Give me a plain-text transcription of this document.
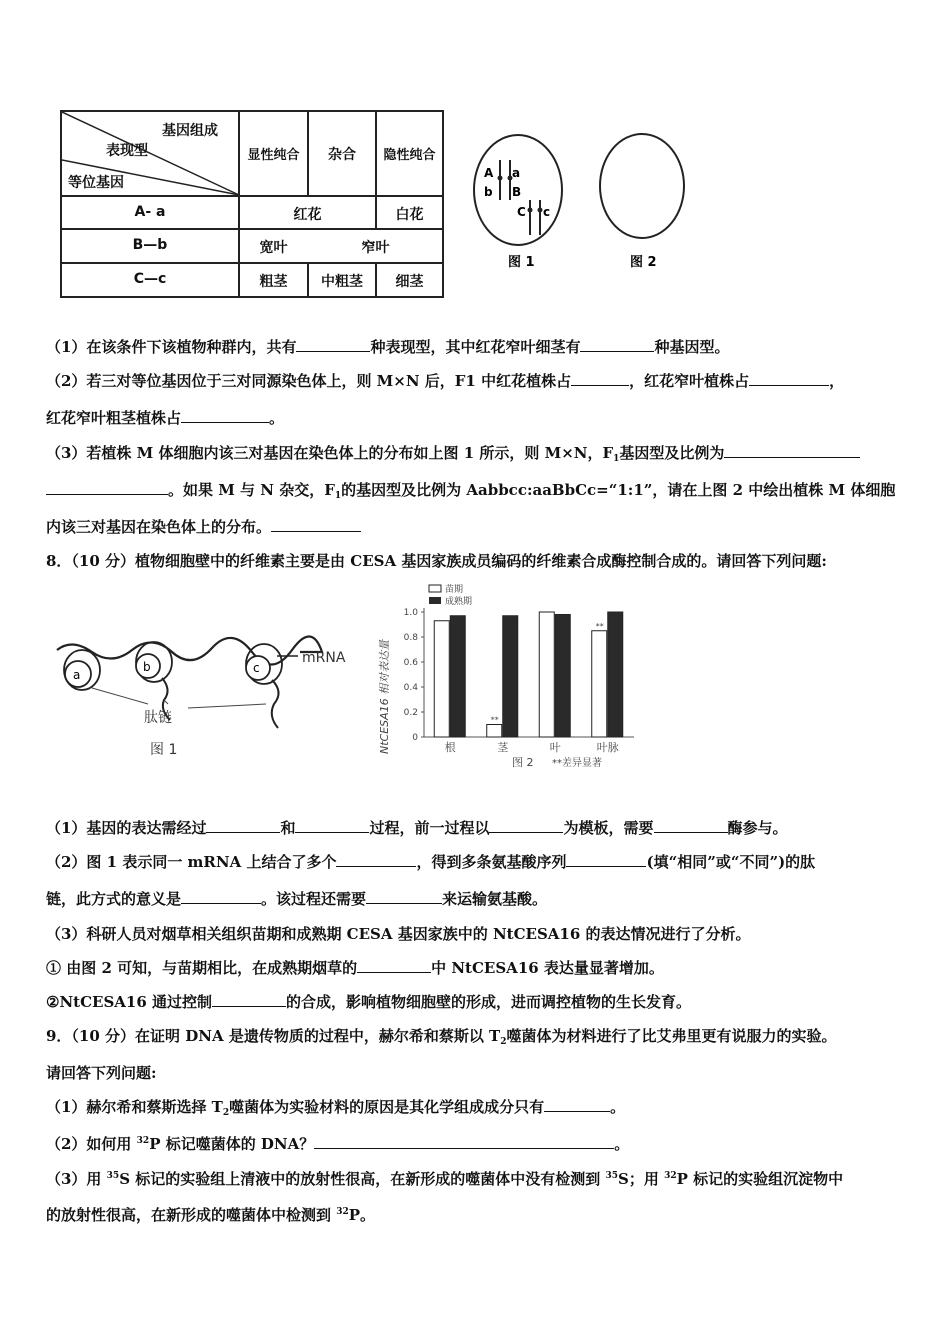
基因组成
表现型
等位基因
显性纯合	杂合	隐性纯合
A- a	红花	白花
B—b	宽叶	窄叶
C—c	粗茎	中粗茎	细茎
A a
b B
C c
图 1	图 2
（1）在该条件下该植物种群内，共有	种表现型，其中红花窄叶细茎有	种基因型。
（2）若三对等位基因位于三对同源染色体上，则 M×N 后，F1 中红花植株占	，红花窄叶植株占	，
红花窄叶粗茎植株占	。
（3）若植株 M 体细胞内该三对基因在染色体上的分布如上图 1 所示，则 M×N，$F_1$基因型及比例为
。如果 M 与 N 杂交，$F_1$的基因型及比例为 Aabbcc:aaBbCc=“1:1”，请在上图 2 中绘出植株 M 体细胞
内该三对基因在染色体上的分布。
8．（10 分）植物细胞壁中的纤维素主要是由 CESA 基因家族成员编码的纤维素合成酶控制合成的。请回答下列问题:
a
b	c
mRNA
肽链
图 1
苗期
成熟期
NtCESA16 相对表达量
图 2 **差异显著
0
0.2
0.4
0.6
0.8
1.0
根	茎
**
叶	叶脉
**
（1）基因的表达需经过	和	过程，前一过程以	为模板，需要	酶参与。
（2）图 1 表示同一 mRNA 上结合了多个	，得到多条氨基酸序列	(填“相同”或“不同”)的肽
链，此方式的意义是	。该过程还需要	来运输氨基酸。
（3）科研人员对烟草相关组织苗期和成熟期 CESA 基因家族中的 NtCESA16 的表达情况进行了分析。
① 由图 2 可知，与苗期相比，在成熟期烟草的	中 NtCESA16 表达量显著增加。
②NtCESA16 通过控制	的合成，影响植物细胞壁的形成，进而调控植物的生长发育。
9．（10 分）在证明 DNA 是遗传物质的过程中，赫尔希和蔡斯以 $T_2$噬菌体为材料进行了比艾弗里更有说服力的实验。
请回答下列问题:
（1）赫尔希和蔡斯选择 $T_2$噬菌体为实验材料的原因是其化学组成成分只有	。
（2）如何用 $^{32}$P 标记噬菌体的 DNA？	。
（3）用 $^{35}$S 标记的实验组上清液中的放射性很高，在新形成的噬菌体中没有检测到 $^{35}$S；用 $^{32}$P 标记的实验组沉淀物中
的放射性很高，在新形成的噬菌体中检测到 $^{32}$P。
